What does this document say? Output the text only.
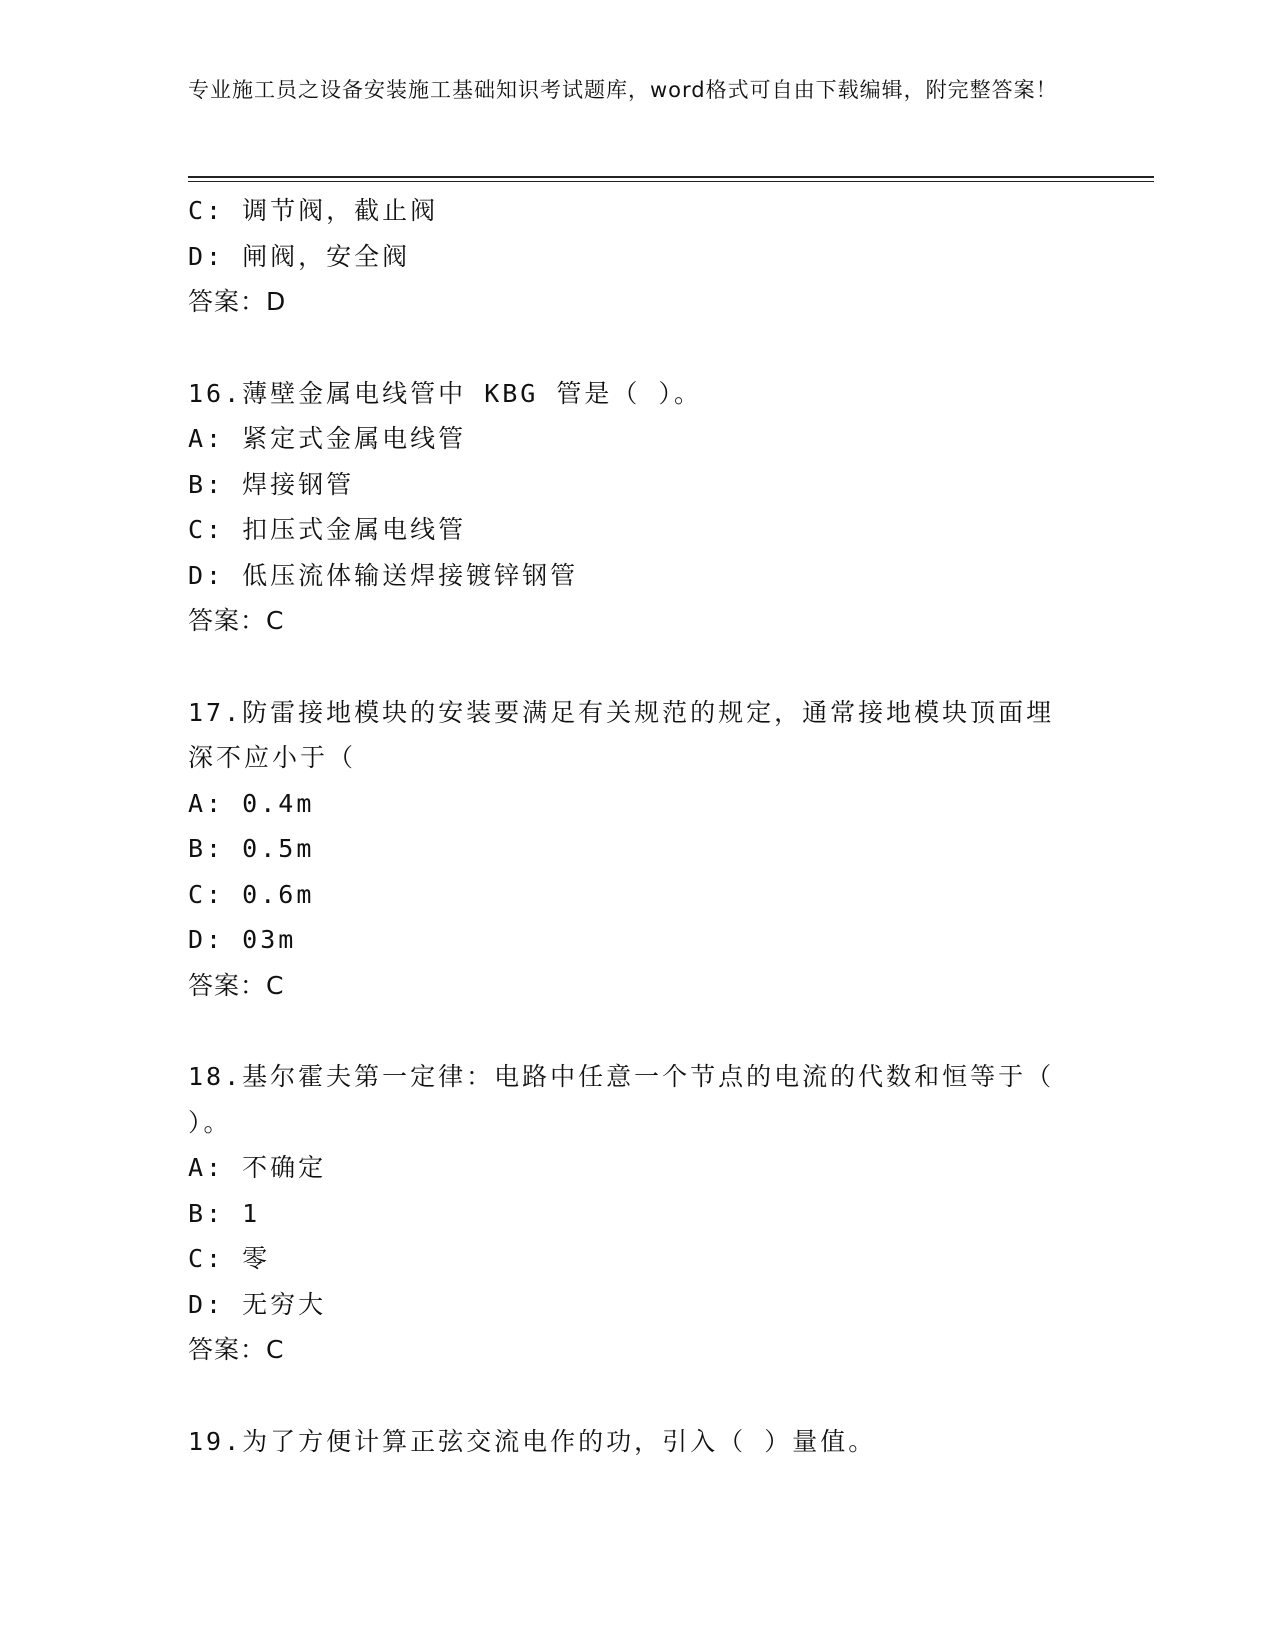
专业施工员之设备安装施工基础知识考试题库，word格式可自由下载编辑，附完整答案！
C: 调节阀，截止阀
D: 闸阀，安全阀
答案：D
16.薄壁金属电线管中 KBG 管是（ ）。
A: 紧定式金属电线管
B: 焊接钢管
C: 扣压式金属电线管
D: 低压流体输送焊接镀锌钢管
答案：C
17.防雷接地模块的安装要满足有关规范的规定，通常接地模块顶面埋深不应小于（
A: 0.4m
B: 0.5m
C: 0.6m
D: 03m
答案：C
18.基尔霍夫第一定律：电路中任意一个节点的电流的代数和恒等于（ ）。
A: 不确定
B: 1
C: 零
D: 无穷大
答案：C
19.为了方便计算正弦交流电作的功，引入（ ）量值。
